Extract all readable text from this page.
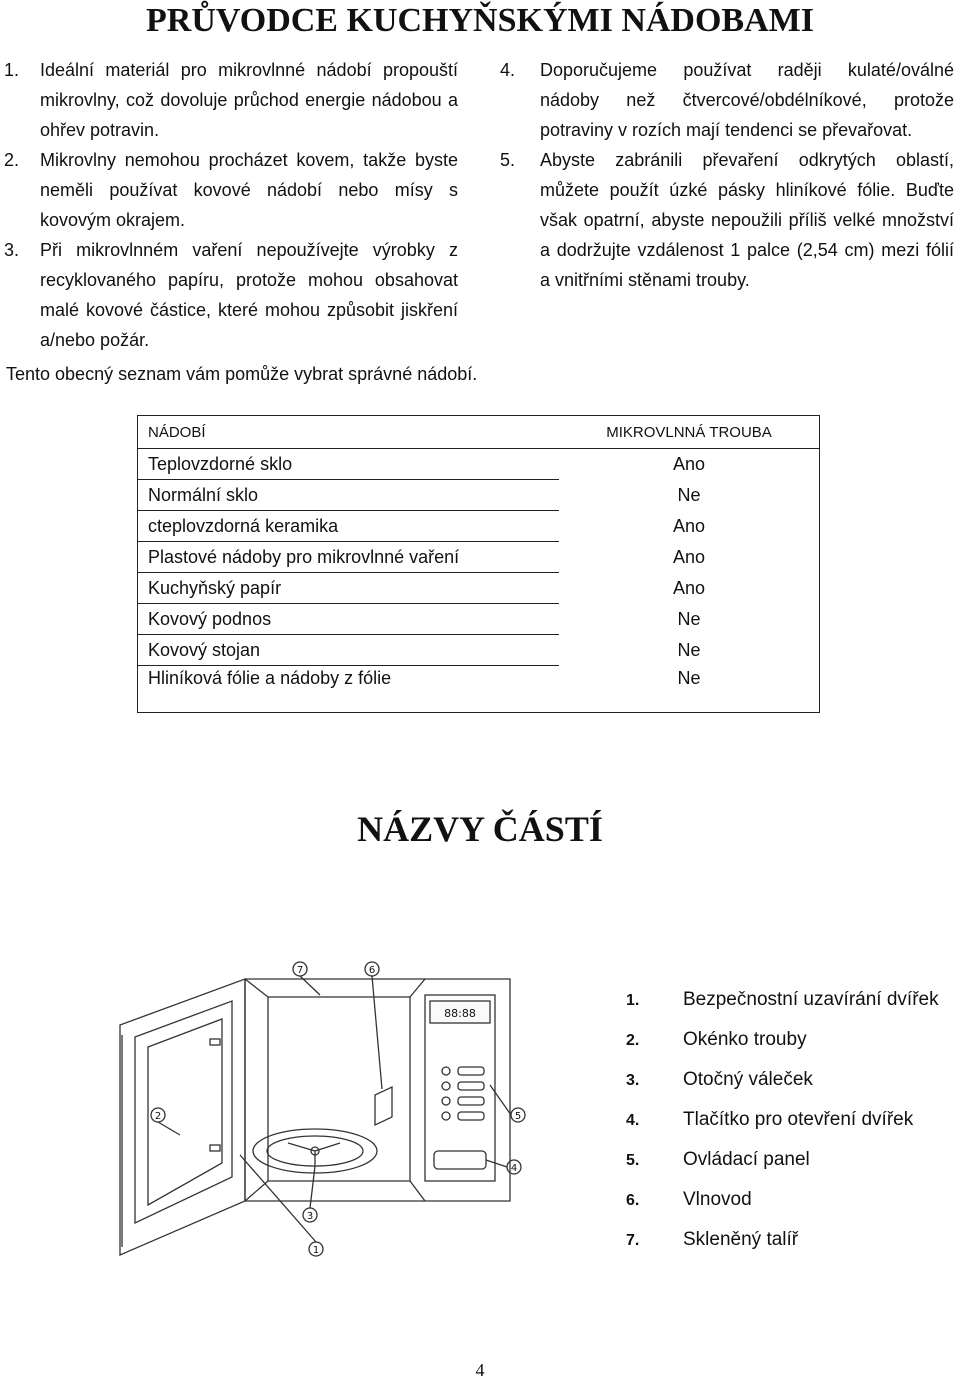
PRŮVODCE KUCHYŇSKÝMI NÁDOBAMI
1. Ideální materiál pro mikrovlnné nádobí propouští mikrovlny, což dovoluje průchod energie nádobou a ohřev potravin.
2. Mikrovlny nemohou procházet kovem, takže byste neměli používat kovové nádobí nebo mísy s kovovým okrajem.
3. Při mikrovlnném vaření nepoužívejte výrobky z recyklovaného papíru, protože mohou obsahovat malé kovové částice, které mohou způsobit jiskření a/nebo požár.
4. Doporučujeme používat raději kulaté/oválné nádoby než čtvercové/obdélníkové, protože potraviny v rozích mají tendenci se převařovat.
5. Abyste zabránili převaření odkrytých oblastí, můžete použít úzké pásky hliníkové fólie. Buďte však opatrní, abyste nepoužili příliš velké množství a dodržujte vzdálenost 1 palce (2,54 cm) mezi fólií a vnitřními stěnami trouby.
Tento obecný seznam vám pomůže vybrat správné nádobí.
NÁDOBÍ	MIKROVLNNÁ TROUBA
Teplovzdorné sklo	Ano
Normální sklo	Ne
cteplovzdorná keramika	Ano
Plastové nádoby pro mikrovlnné vaření	Ano
Kuchyňský papír	Ano
Kovový podnos	Ne
Kovový stojan	Ne
Hliníková fólie a nádoby z fólie	Ne
NÁZVY ČÁSTÍ
88:88
7	6
2
3
1
5
4
1. Bezpečnostní uzavírání dvířek
2. Okénko trouby
3. Otočný váleček
4. Tlačítko pro otevření dvířek
5. Ovládací panel
6. Vlnovod
7. Skleněný talíř
4
